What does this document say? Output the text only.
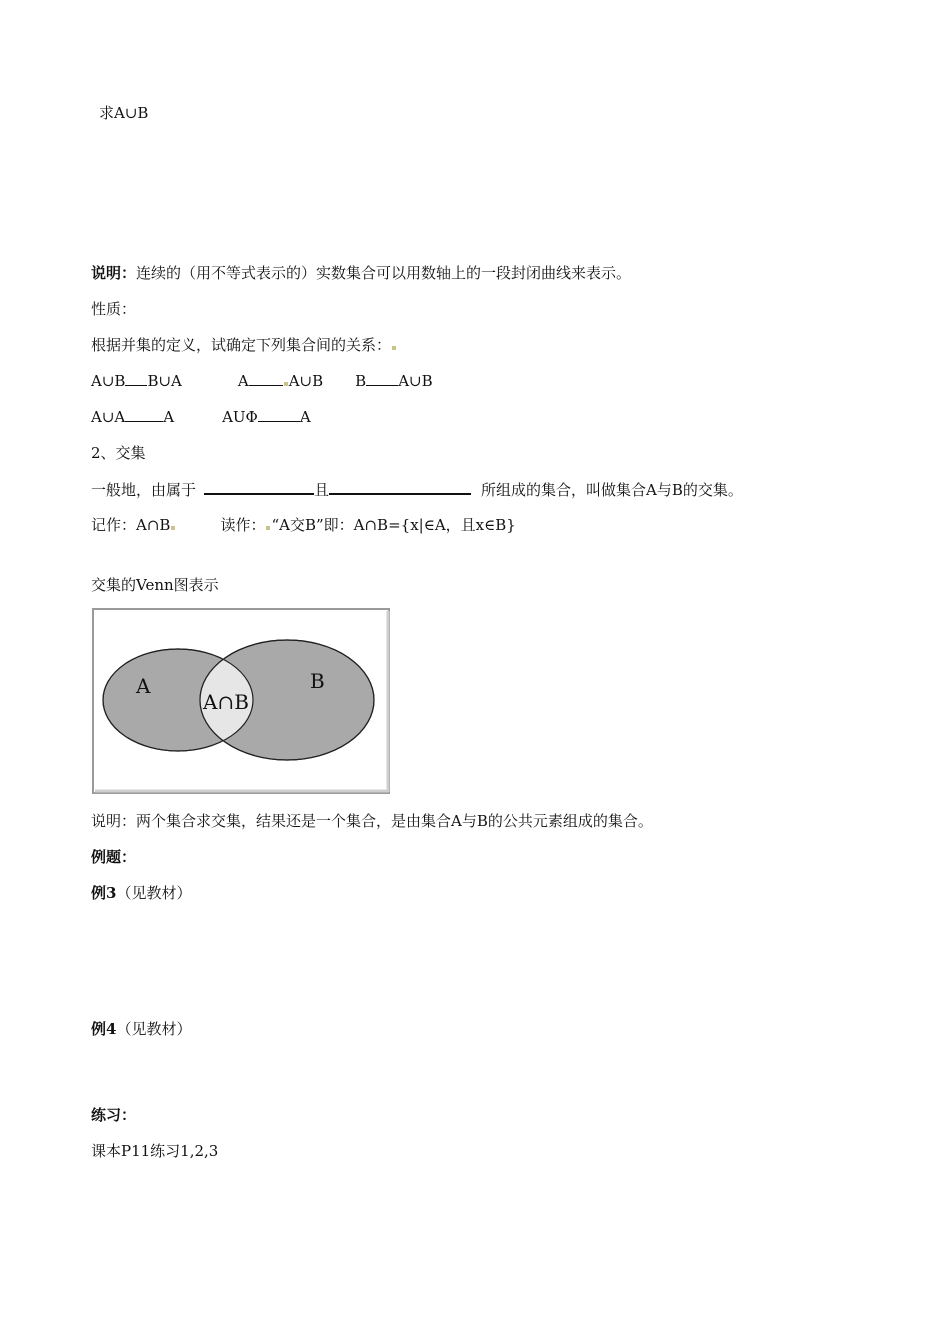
求A∪B
说明：连续的（用不等式表示的）实数集合可以用数轴上的一段封闭曲线来表示。
性质：
根据并集的定义，试确定下列集合间的关系：
A∪B B∪A	A	A∪B B A∪B
A∪A	A	AUΦ	A
2、交集
一般地，由属于	且	所组成的集合，叫做集合A与B的交集。
记作：A∩B	读作： “A交B”即：A∩B={x|∈A，且x∈B}
交集的Venn图表示
A	B
A∩B
说明：两个集合求交集，结果还是一个集合，是由集合A与B的公共元素组成的集合。
例题：
例3（见教材）
例4（见教材）
练习：
课本P11练习1,2,3
